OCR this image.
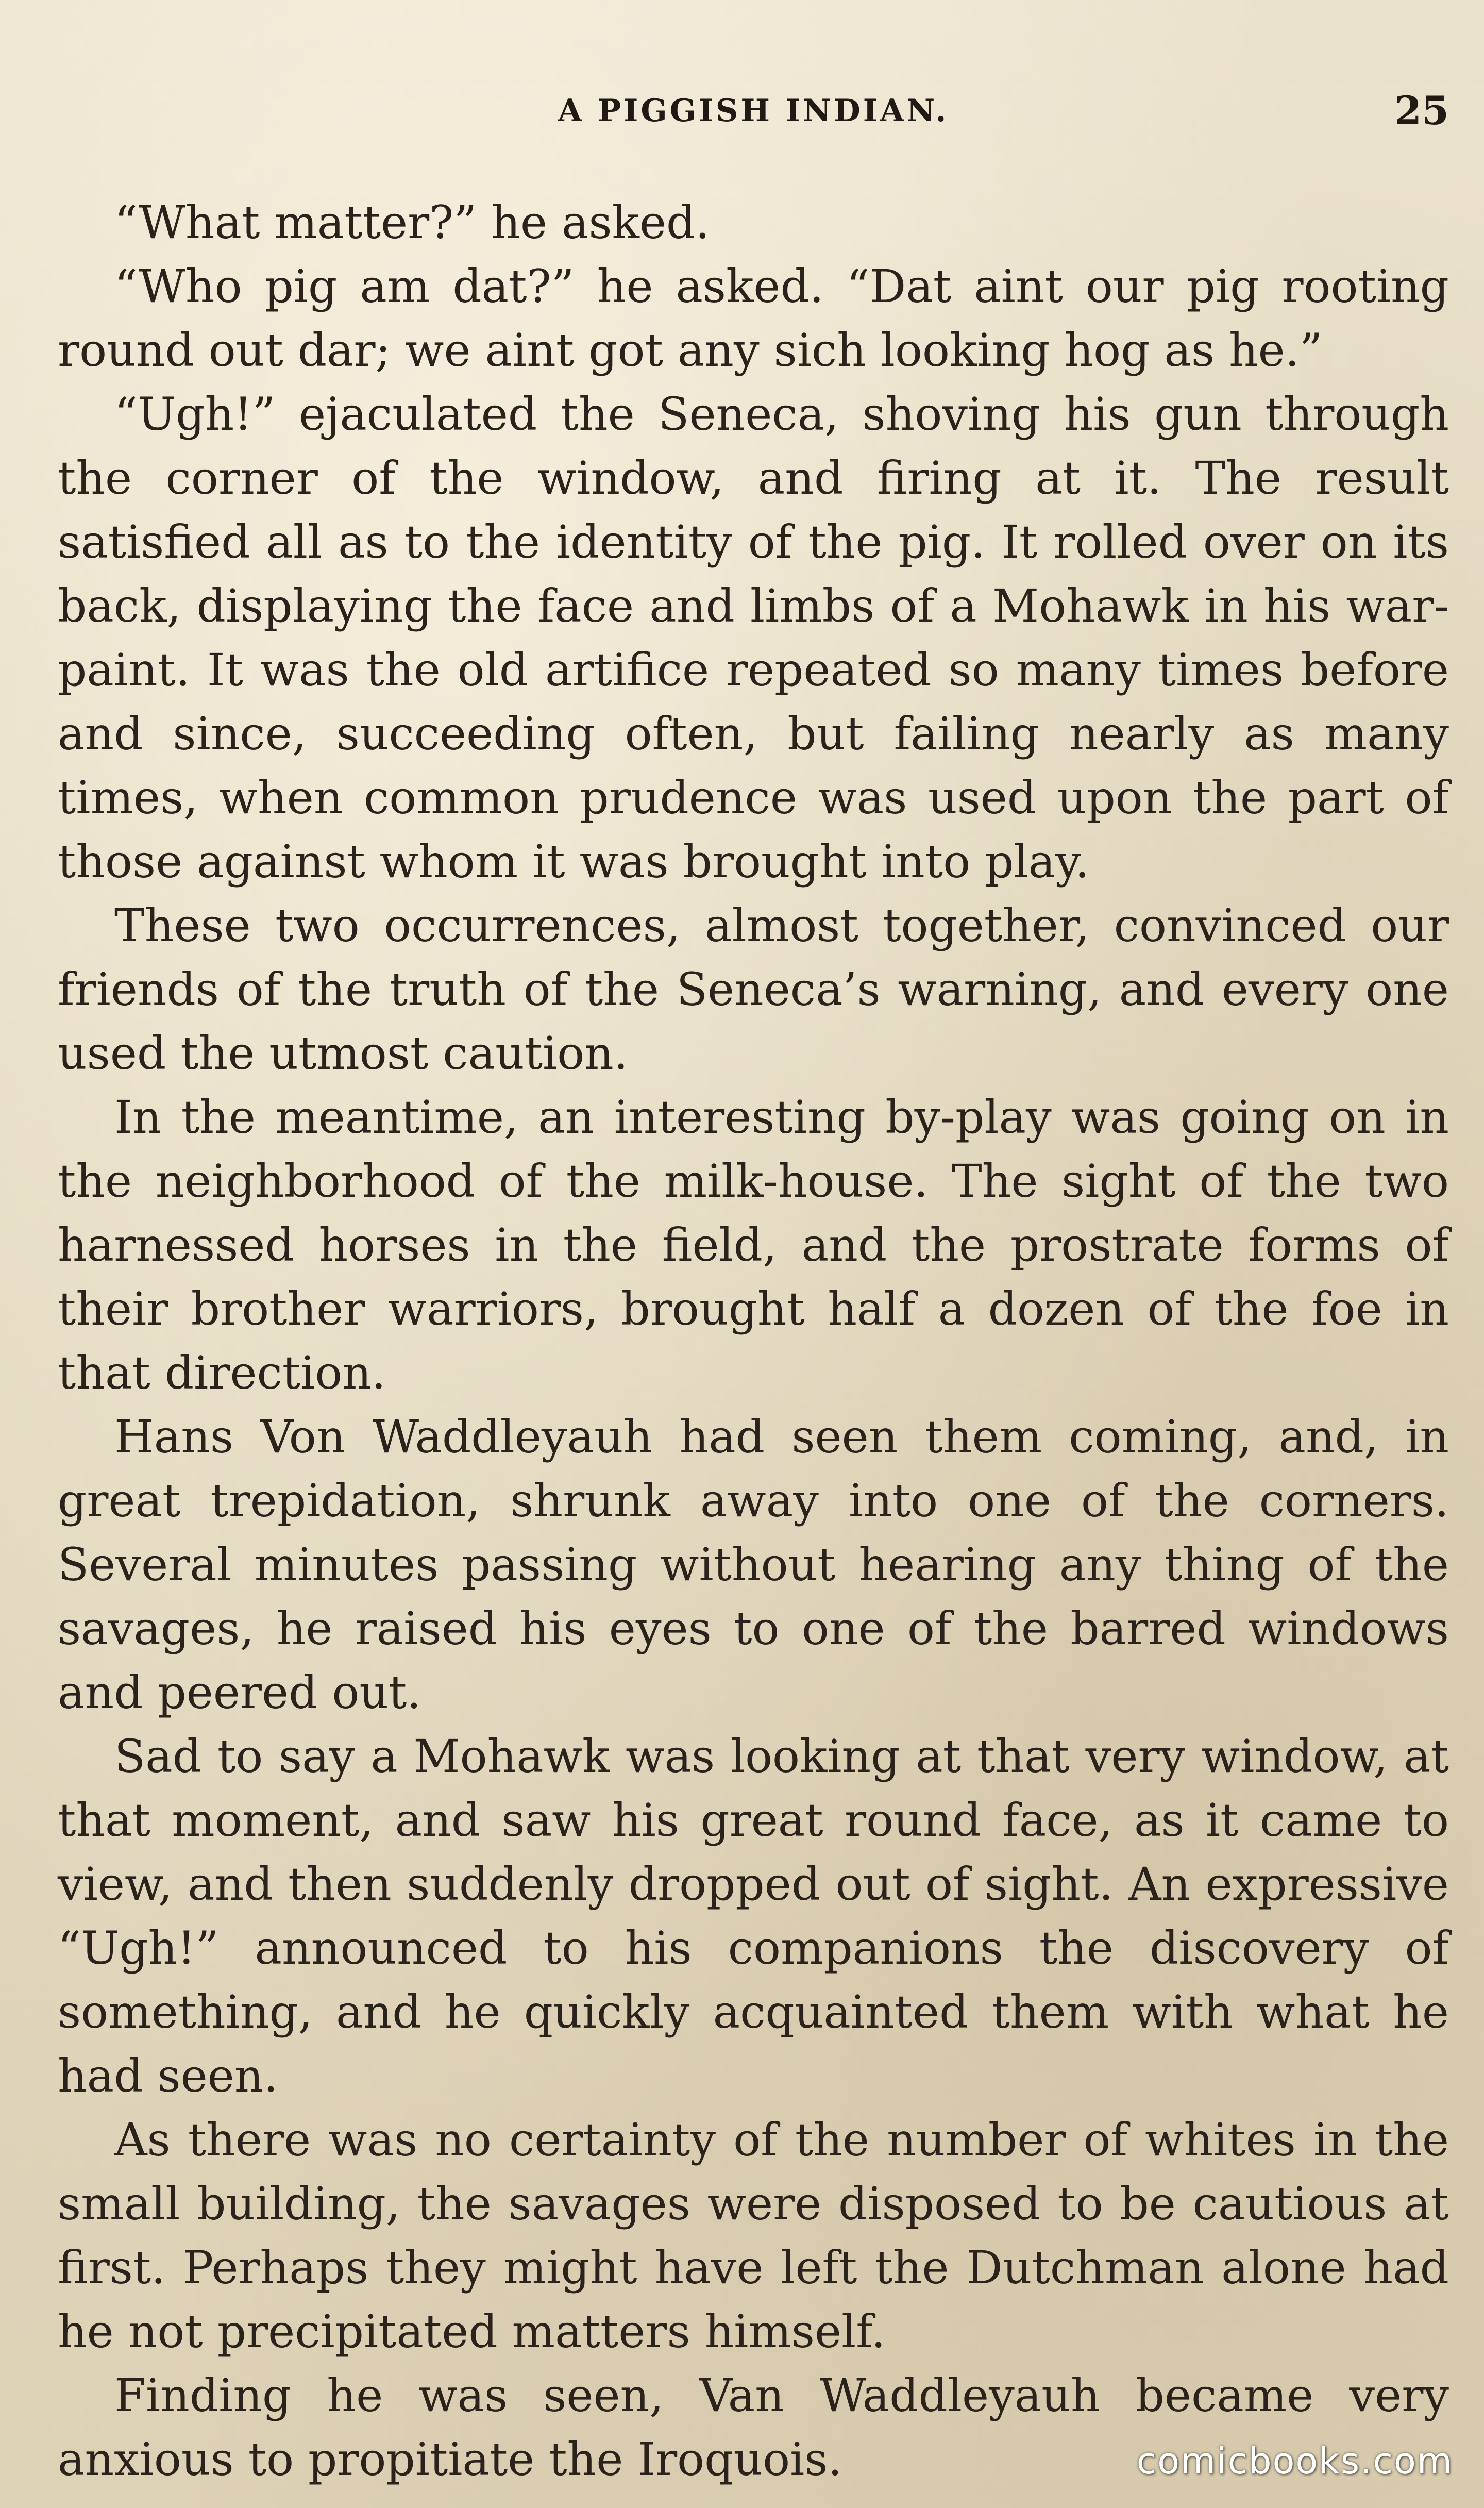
A PIGGISH INDIAN.	25

“What matter?” he asked.

“Who pig am dat?” he asked. “Dat aint our pig rooting round out dar; we aint got any sich looking hog as he.”

“Ugh!” ejaculated the Seneca, shoving his gun through the corner of the window, and firing at it. The result satisfied all as to the identity of the pig. It rolled over on its back, displaying the face and limbs of a Mohawk in his war-paint. It was the old artifice repeated so many times before and since, succeeding often, but failing nearly as many times, when common prudence was used upon the part of those against whom it was brought into play.

These two occurrences, almost together, convinced our friends of the truth of the Seneca’s warning, and every one used the utmost caution.

In the meantime, an interesting by-play was going on in the neighborhood of the milk-house. The sight of the two harnessed horses in the field, and the prostrate forms of their brother warriors, brought half a dozen of the foe in that direction.

Hans Von Waddleyauh had seen them coming, and, in great trepidation, shrunk away into one of the corners. Several minutes passing without hearing any thing of the savages, he raised his eyes to one of the barred windows and peered out.

Sad to say a Mohawk was looking at that very window, at that moment, and saw his great round face, as it came to view, and then suddenly dropped out of sight. An expressive “Ugh!” announced to his companions the discovery of something, and he quickly acquainted them with what he had seen.

As there was no certainty of the number of whites in the small building, the savages were disposed to be cautious at first. Perhaps they might have left the Dutchman alone had he not precipitated matters himself.

Finding he was seen, Van Waddleyauh became very anxious to propitiate the Iroquois.	comicbooks.com
